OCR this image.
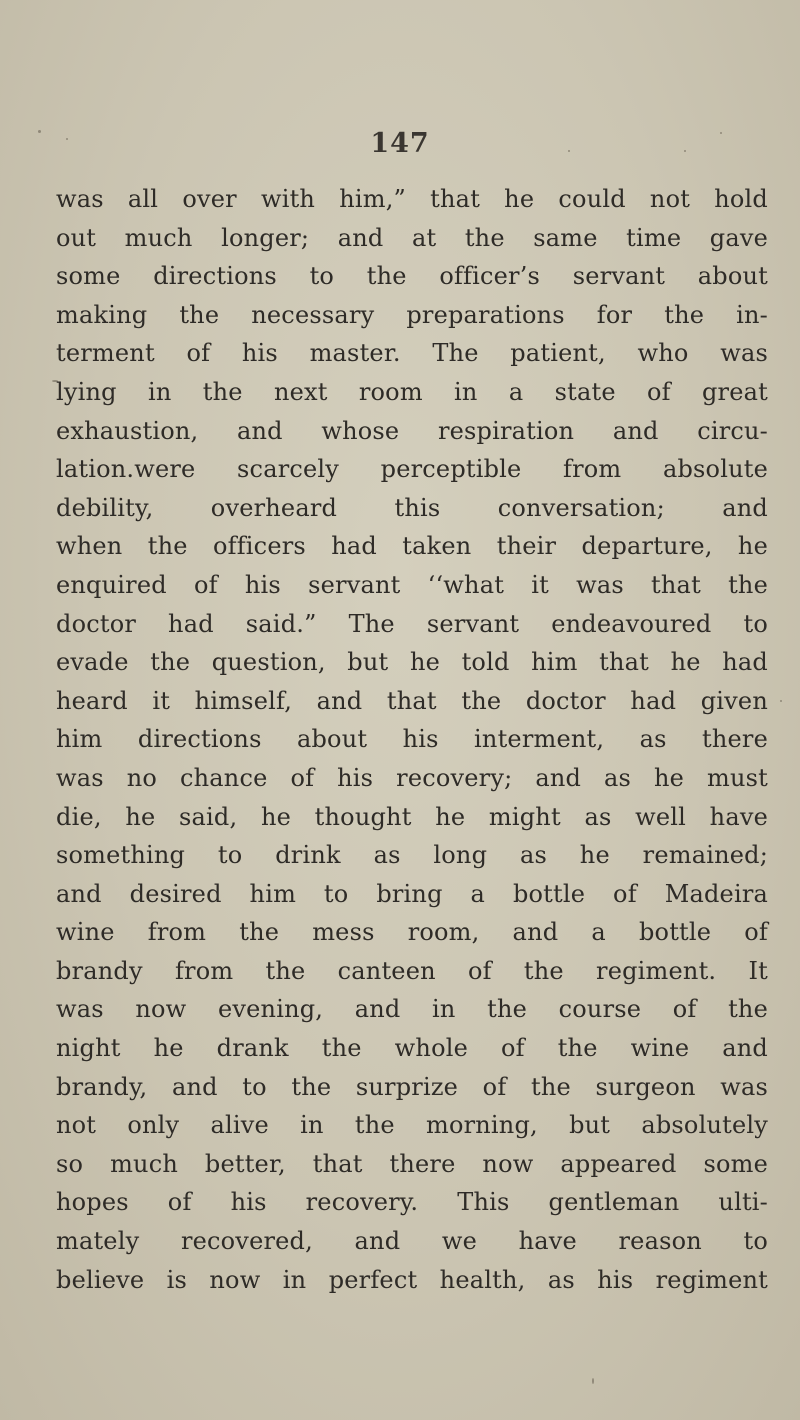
147
was all over with him,” that he could not hold
out much longer; and at the same time gave
some directions to the officer’s servant about
making the necessary preparations for the in-
terment of his master. The patient, who was
lying in the next room in a state of great
exhaustion, and whose respiration and circu-
lation.were scarcely perceptible from absolute
debility, overheard this conversation; and
when the officers had taken their departure, he
enquired of his servant ‘‘what it was that the
doctor had said.” The servant endeavoured to
evade the question, but he told him that he had
heard it himself, and that the doctor had given
him directions about his interment, as there
was no chance of his recovery; and as he must
die, he said, he thought he might as well have
something to drink as long as he remained;
and desired him to bring a bottle of Madeira
wine from the mess room, and a bottle of
brandy from the canteen of the regiment. It
was now evening, and in the course of the
night he drank the whole of the wine and
brandy, and to the surprize of the surgeon was
not only alive in the morning, but absolutely
so much better, that there now appeared some
hopes of his recovery. This gentleman ulti-
mately recovered, and we have reason to
believe is now in perfect health, as his regiment
